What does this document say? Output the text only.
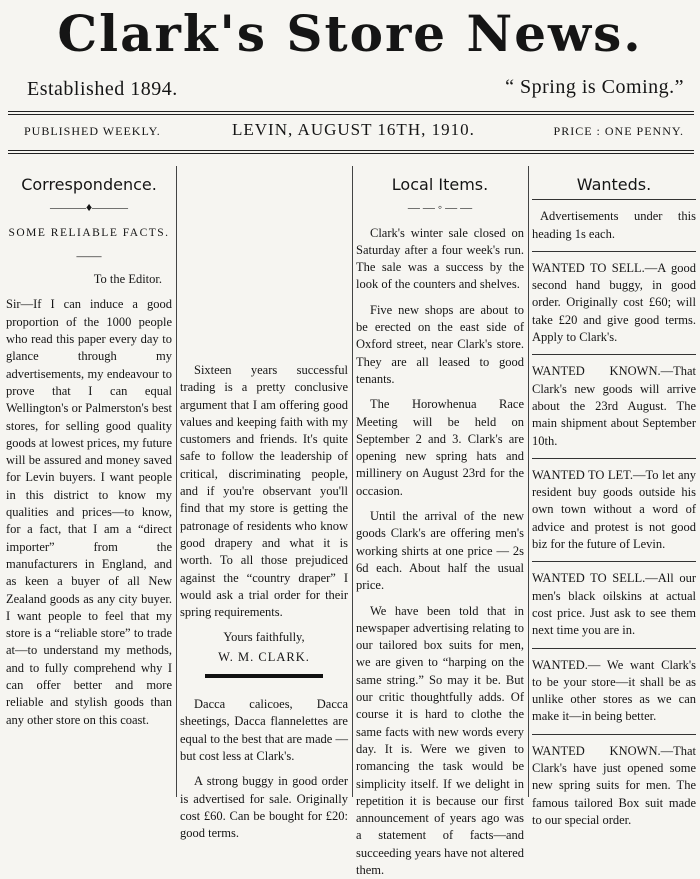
Clark's Store News.
Established 1894.	“ Spring is Coming.”
PUBLISHED WEEKLY.	LEVIN, AUGUST 16TH, 1910.	PRICE : ONE PENNY.
Correspondence.
———♦———
SOME RELIABLE FACTS.
——
To the Editor.

Sir—If I can induce a good proportion of the 1000 people who read this paper every day to glance through my advertisements, my endeavour to prove that I can equal Wellington's or Palmerston's best stores, for selling good quality goods at lowest prices, my future will be assured and money saved for Levin buyers. I want people in this district to know my qualities and prices—to know, for a fact, that I am a “direct importer” from the manufacturers in England, and as keen a buyer of all New Zealand goods as any city buyer. I want people to feel that my store is a “reliable store” to trade at—to understand my methods, and to fully comprehend why I can offer better and more reliable and stylish goods than any other store on this coast.

Sixteen years successful trading is a pretty conclusive argument that I am offering good values and keeping faith with my customers and friends. It's quite safe to follow the leadership of critical, discriminating people, and if you're observant you'll find that my store is getting the patronage of residents who know good drapery and what it is worth. To all those prejudiced against the “country draper” I would ask a trial order for their spring requirements.

Yours faithfully,
W. M. CLARK.

Dacca calicoes, Dacca sheetings, Dacca flannelettes are equal to the best that are made — but cost less at Clark's.

A strong buggy in good order is advertised for sale. Originally cost £60. Can be bought for £20: good terms.

Local Items.
— — ◦ — —

Clark's winter sale closed on Saturday after a four week's run. The sale was a success by the look of the counters and shelves.

Five new shops are about to be erected on the east side of Oxford street, near Clark's store. They are all leased to good tenants.

The Horowhenua Race Meeting will be held on September 2 and 3. Clark's are opening new spring hats and millinery on August 23rd for the occasion.

Until the arrival of the new goods Clark's are offering men's working shirts at one price — 2s 6d each. About half the usual price.

We have been told that in newspaper advertising relating to our tailored box suits for men, we are given to “harping on the same string.” So may it be. But our critic thoughtfully adds. Of course it is hard to clothe the same facts with new words every day. It is. Were we given to romancing the task would be simplicity itself. If we delight in repetition it is because our first announcement of years ago was a statement of facts—and succeeding years have not altered them.

Wanteds.
Advertisements under this heading 1s each.
WANTED TO SELL.—A good second hand buggy, in good order. Originally cost £60; will take £20 and give good terms. Apply to Clark's.
WANTED KNOWN.—That Clark's new goods will arrive about the 23rd August. The main shipment about September 10th.
WANTED TO LET.—To let any resident buy goods outside his own town without a word of advice and protest is not good biz for the future of Levin.
WANTED TO SELL.—All our men's black oilskins at actual cost price. Just ask to see them next time you are in.
WANTED.— We want Clark's to be your store—it shall be as unlike other stores as we can make it—in being better.
WANTED KNOWN.—That Clark's have just opened some new spring suits for men. The famous tailored Box suit made to our special order.
